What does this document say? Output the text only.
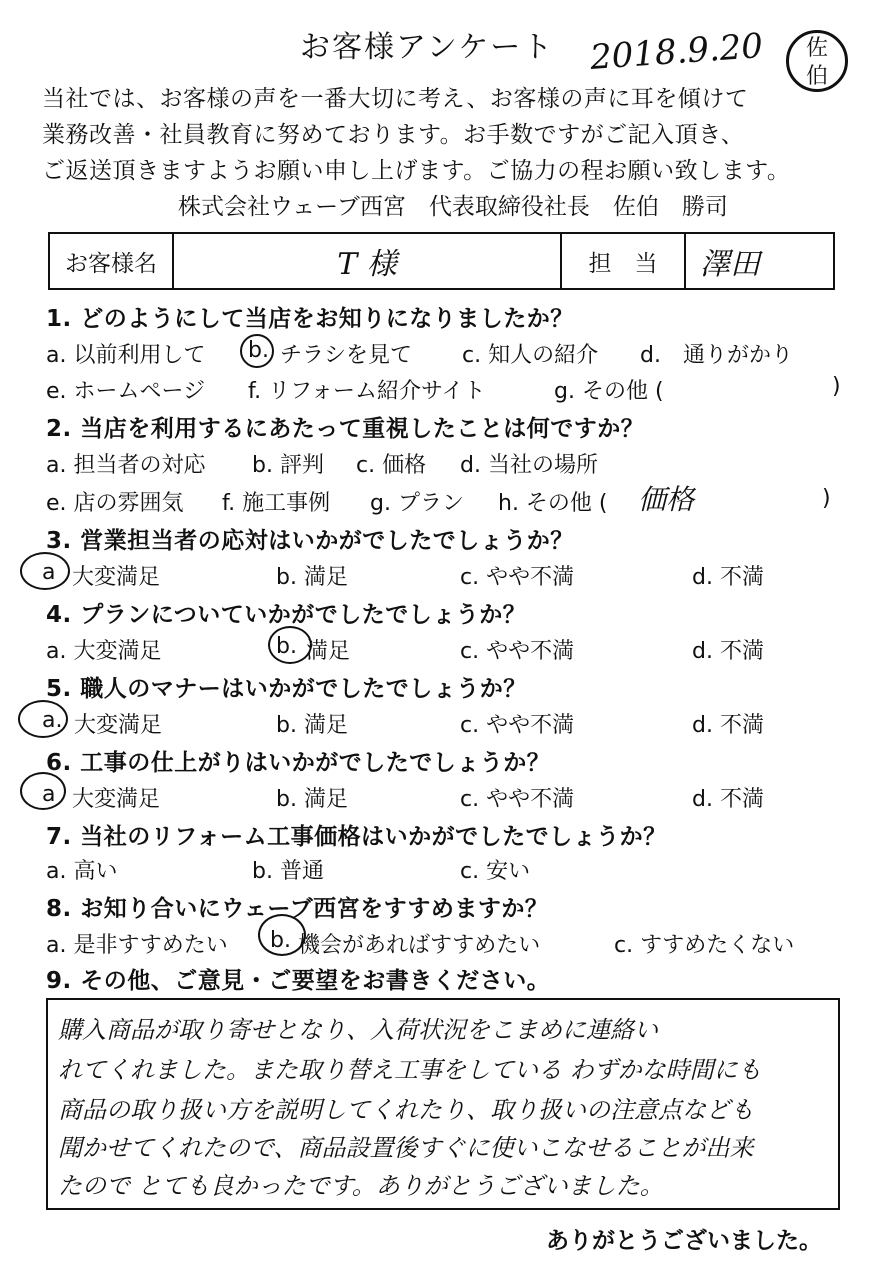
お客様アンケート 2018.9.20	佐
伯
当社では、お客様の声を一番大切に考え、お客様の声に耳を傾けて
業務改善・社員教育に努めております。お手数ですがご記入頂き、
ご返送頂きますようお願い申し上げます。ご協力の程お願い致します。
株式会社ウェーブ西宮　代表取締役社長　佐伯　勝司
お客様名	T 様	担　当	澤田
1. どのようにして当店をお知りになりましたか？
a. 以前利用して b. チラシを見て c. 知人の紹介 d.　通りがかり
e. ホームページ f. リフォーム紹介サイト	g. その他 (	)
2. 当店を利用するにあたって重視したことは何ですか？
a. 担当者の対応 b. 評判 c. 価格 d. 当社の場所
e. 店の雰囲気 f. 施工事例 g. プラン h. その他 ( 価格	)
3. 営業担当者の応対はいかがでしたでしょうか？
a 大変満足	b. 満足	c. やや不満	d. 不満
4. プランについていかがでしたでしょうか？
a. 大変満足	b. 満足	c. やや不満	d. 不満
5. 職人のマナーはいかがでしたでしょうか？
a. 大変満足	b. 満足	c. やや不満	d. 不満
6. 工事の仕上がりはいかがでしたでしょうか？
a 大変満足	b. 満足	c. やや不満	d. 不満
7. 当社のリフォーム工事価格はいかがでしたでしょうか？
a. 高い	b. 普通	c. 安い
8. お知り合いにウェーブ西宮をすすめますか？
a. 是非すすめたい b. 機会があればすすめたい	c. すすめたくない
9. その他、ご意見・ご要望をお書きください。
購入商品が取り寄せとなり、入荷状況をこまめに連絡い
れてくれました。また取り替え工事をしている わずかな時間にも
商品の取り扱い方を説明してくれたり、取り扱いの注意点なども
聞かせてくれたので、商品設置後すぐに使いこなせることが出来
たので とても良かったです。ありがとうございました。
ありがとうございました。
